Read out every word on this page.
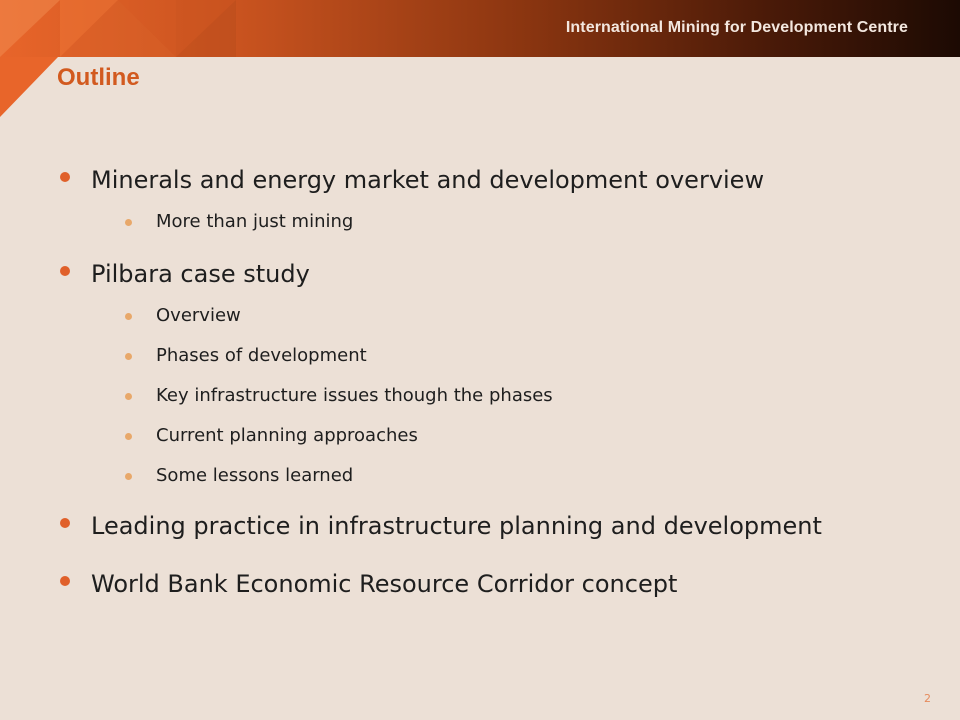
International Mining for Development Centre
Outline
Minerals and energy market and development overview
More than just mining
Pilbara case study
Overview
Phases of development
Key infrastructure issues though the phases
Current planning approaches
Some lessons learned
Leading practice in infrastructure planning and development
World Bank Economic Resource Corridor concept
2
